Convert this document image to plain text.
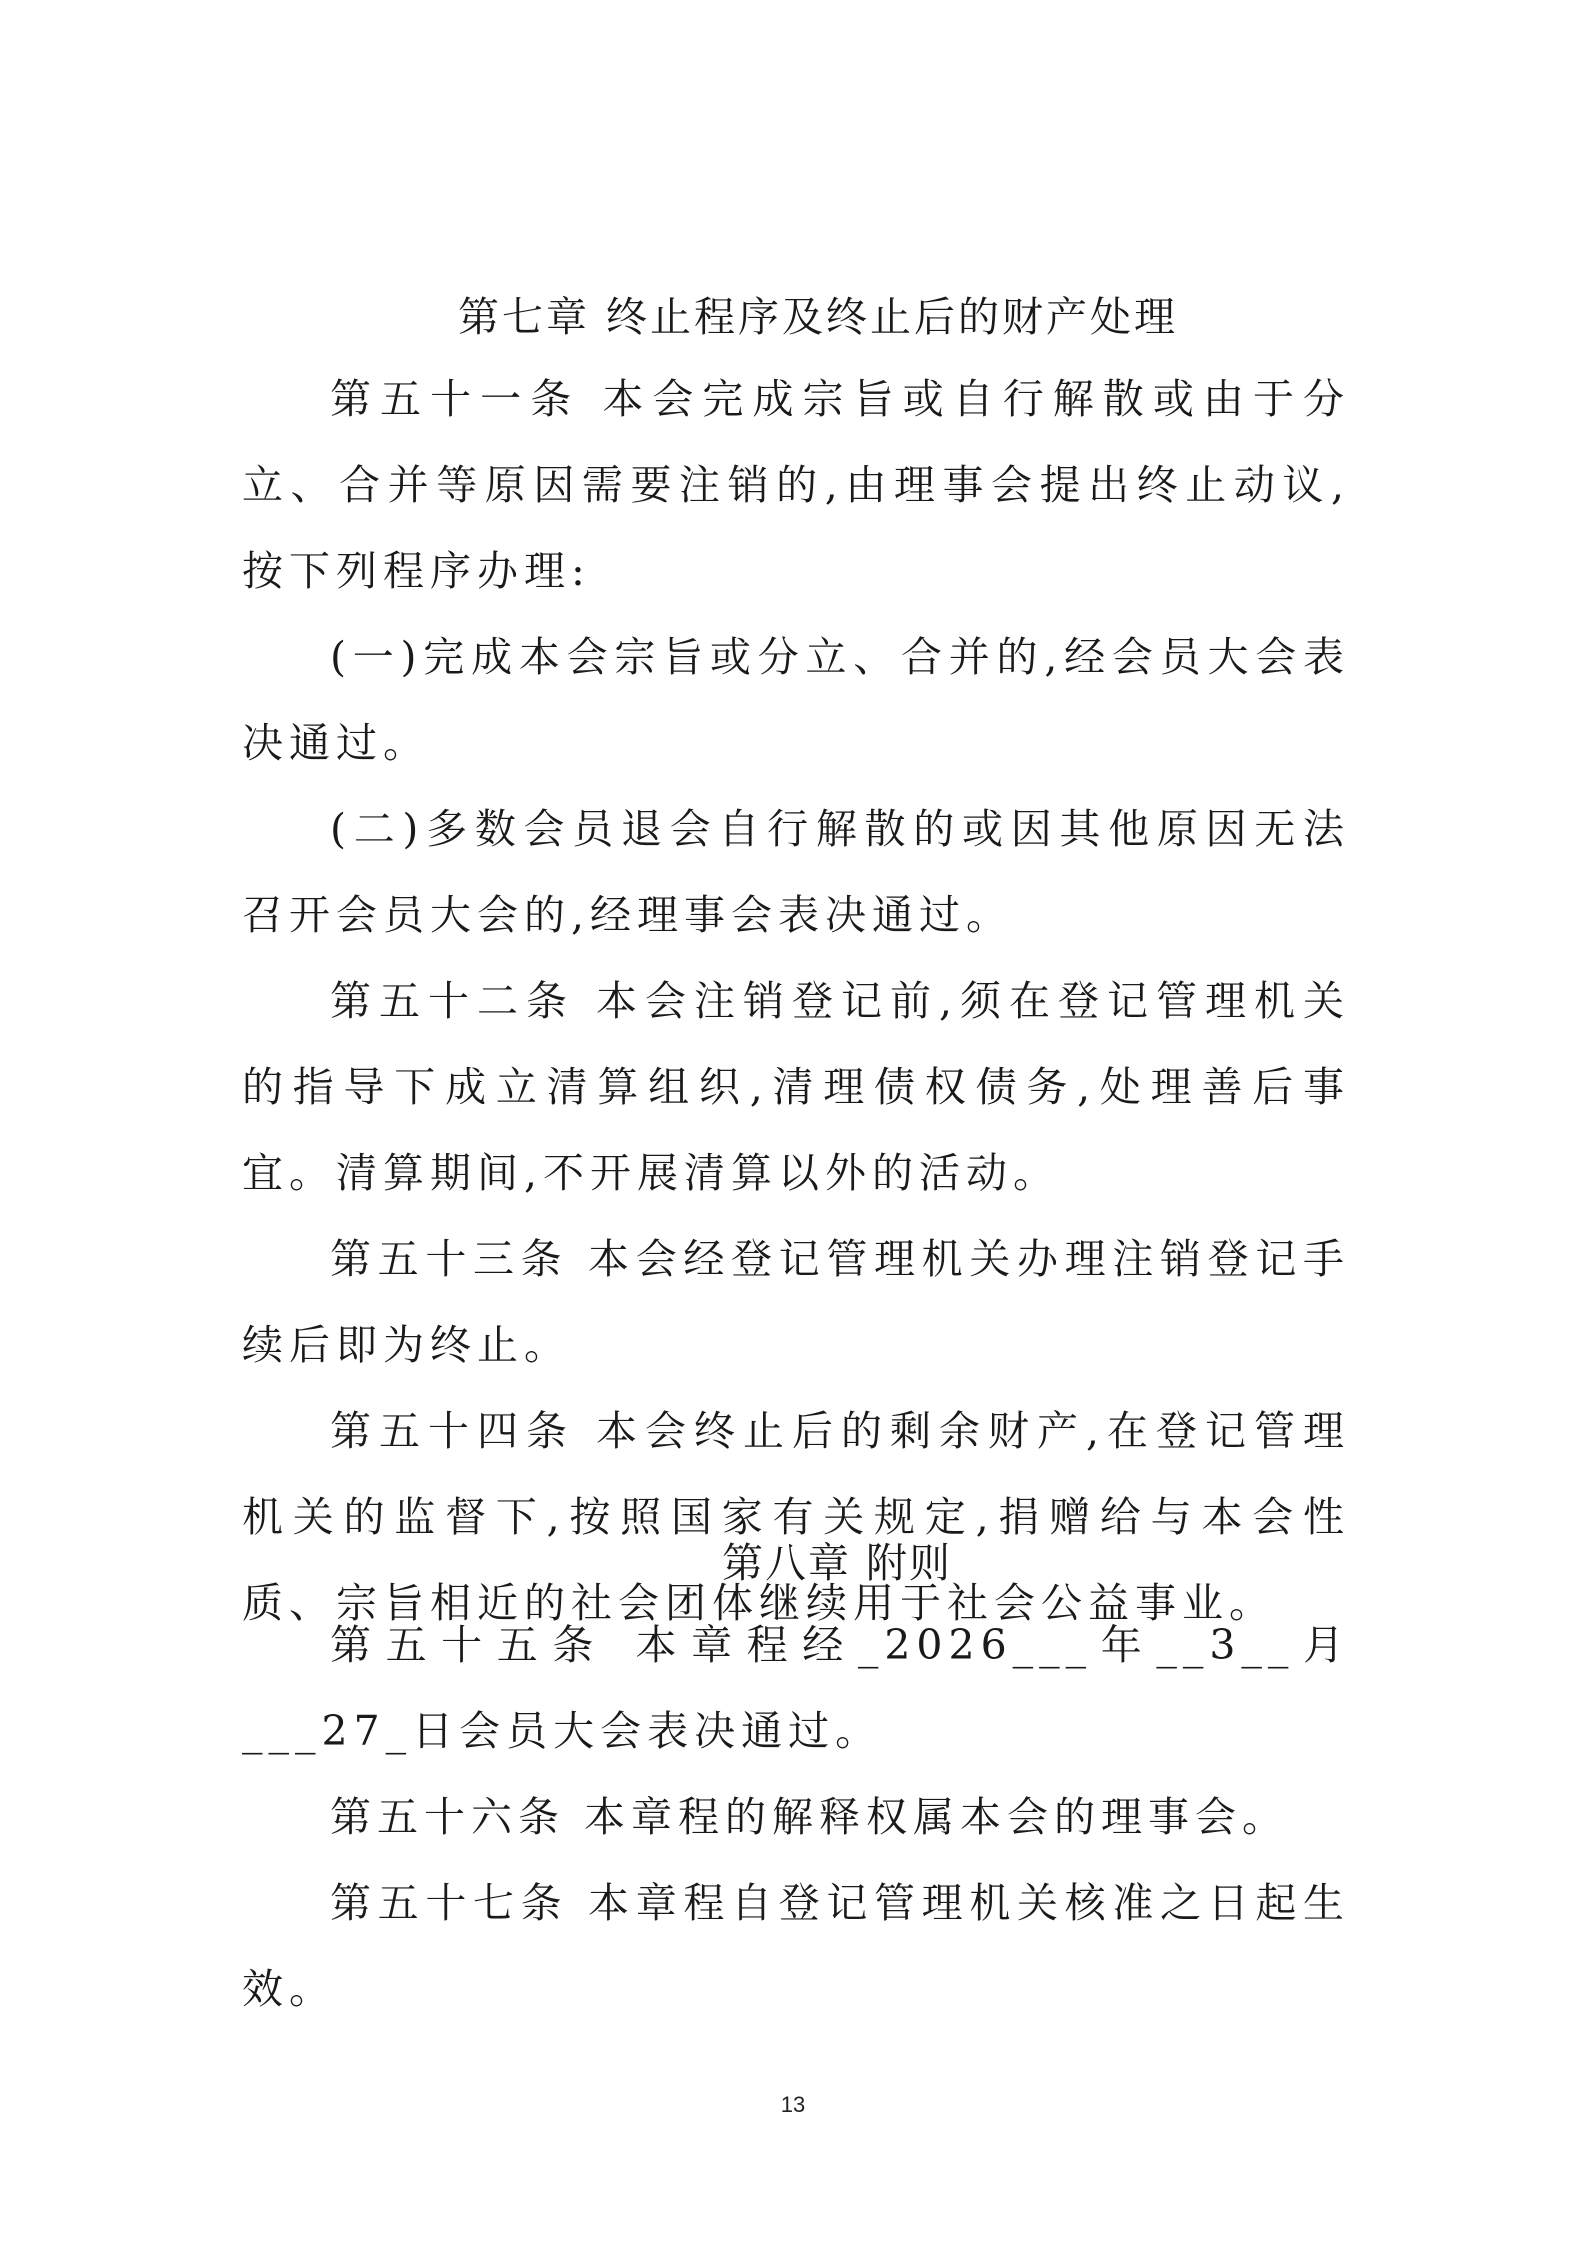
第七章 终止程序及终止后的财产处理

第五十一条 本会完成宗旨或自行解散或由于分立、合并等原因需要注销的,由理事会提出终止动议,按下列程序办理:

(一)完成本会宗旨或分立、合并的,经会员大会表决通过。

(二)多数会员退会自行解散的或因其他原因无法召开会员大会的,经理事会表决通过。

第五十二条 本会注销登记前,须在登记管理机关的指导下成立清算组织,清理债权债务,处理善后事宜。清算期间,不开展清算以外的活动。

第五十三条 本会经登记管理机关办理注销登记手续后即为终止。

第五十四条 本会终止后的剩余财产,在登记管理机关的监督下,按照国家有关规定,捐赠给与本会性质、宗旨相近的社会团体继续用于社会公益事业。

第八章 附则

第五十五条 本章程经_2026___年__3__月___27_日会员大会表决通过。

第五十六条 本章程的解释权属本会的理事会。

第五十七条 本章程自登记管理机关核准之日起生效。

13
